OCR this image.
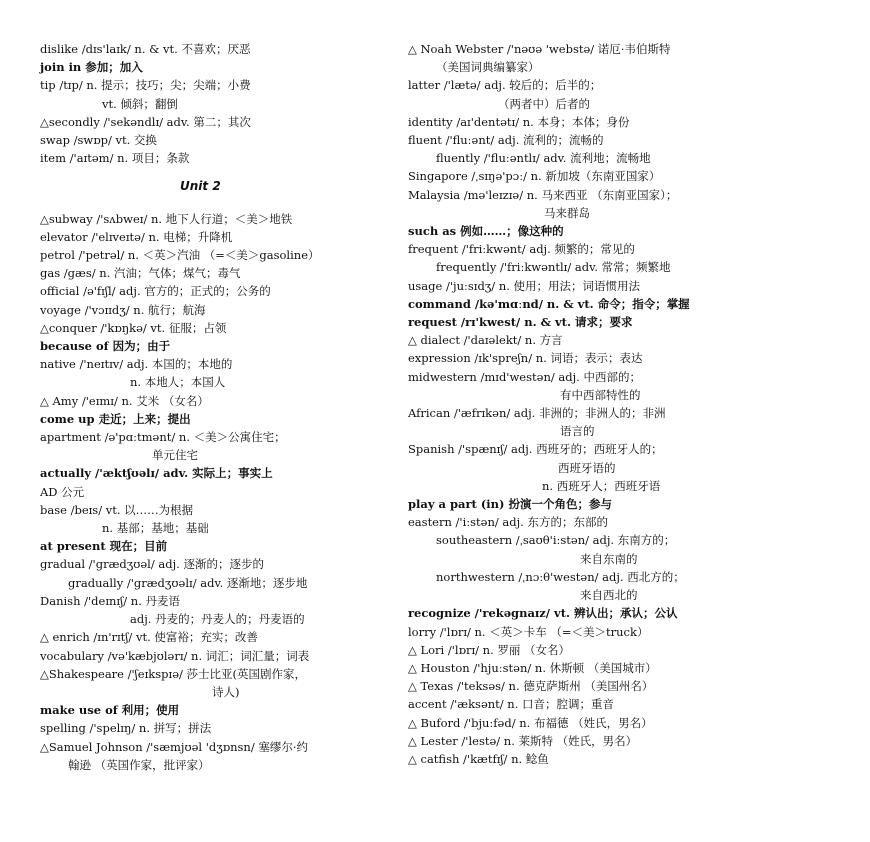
dislike /dɪs'laɪk/ n. & vt. 不喜欢；厌恶
join in 参加；加入
tip /tɪp/ n. 提示；技巧；尖；尖端；小费
vt. 倾斜；翻倒
△secondly /'sekəndlɪ/ adv. 第二；其次
swap /swɒp/ vt. 交换
item /'aɪtəm/ n. 项目；条款
Unit 2
△subway /'sʌbweɪ/ n. 地下人行道；＜美＞地铁
elevator /'elɪveɪtə/ n. 电梯；升降机
petrol /'petrəl/ n. ＜英＞汽油 （=＜美＞gasoline）
gas /gæs/ n. 汽油；气体；煤气；毒气
official /ə'fɪʃl/ adj. 官方的；正式的；公务的
voyage /'vɔɪɪdʒ/ n. 航行；航海
△conquer /'kɒŋkə/ vt. 征服；占领
because of 因为；由于
native /'neɪtɪv/ adj. 本国的；本地的
n. 本地人；本国人
△ Amy /'eɪmɪ/ n. 艾米 （女名）
come up 走近；上来；提出
apartment /ə'pɑːtmənt/ n. ＜美＞公寓住宅；
单元住宅
actually /'æktʃʊəlɪ/ adv. 实际上；事实上
AD 公元
base /beɪs/ vt. 以……为根据
n. 基部；基地；基础
at present 现在；目前
gradual /'grædʒʊəl/ adj. 逐渐的；逐步的
gradually /'grædʒʊəlɪ/ adv. 逐渐地；逐步地
Danish /'deɪnɪʃ/ n. 丹麦语
adj. 丹麦的；丹麦人的；丹麦语的
△ enrich /ɪn'rɪtʃ/ vt. 使富裕；充实；改善
vocabulary /və'kæbjʊlərɪ/ n. 词汇；词汇量；词表
△Shakespeare /'ʃeɪkspɪə/ 莎士比亚(英国剧作家，
诗人)
make use of 利用；使用
spelling /'spelɪŋ/ n. 拼写；拼法
△Samuel Johnson /'sæmjʊəl 'dʒɒnsn/ 塞缪尔·约
翰逊 （英国作家，批评家）
△ Noah Webster /'nəʊə 'webstə/ 诺厄·韦伯斯特
（美国词典编纂家）
latter /'lætə/ adj. 较后的；后半的；
（两者中）后者的
identity /aɪ'dentətɪ/ n. 本身；本体；身份
fluent /'fluːənt/ adj. 流利的；流畅的
fluently /'fluːəntlɪ/ adv. 流利地；流畅地
Singapore /ˌsɪŋə'pɔː/ n. 新加坡（东南亚国家）
Malaysia /mə'leɪzɪə/ n. 马来西亚 （东南亚国家）；
马来群岛
such as 例如……；像这种的
frequent /'friːkwənt/ adj. 频繁的；常见的
frequently /'friːkwəntlɪ/ adv. 常常；频繁地
usage /'juːsɪdʒ/ n. 使用；用法；词语惯用法
command /kə'mɑːnd/ n. & vt. 命令；指令；掌握
request /rɪ'kwest/ n. & vt. 请求；要求
△ dialect /'daɪəlekt/ n. 方言
expression /ɪk'spreʃn/ n. 词语；表示；表达
midwestern /mɪd'westən/ adj. 中西部的；
有中西部特性的
African /'æfrɪkən/ adj. 非洲的；非洲人的；非洲
语言的
Spanish /'spænɪʃ/ adj. 西班牙的；西班牙人的；
西班牙语的
n. 西班牙人；西班牙语
play a part (in) 扮演一个角色；参与
eastern /'iːstən/ adj. 东方的；东部的
southeastern /ˌsaʊθ'iːstən/ adj. 东南方的；
来自东南的
northwestern /ˌnɔːθ'westən/ adj. 西北方的；
来自西北的
recognize /'rekəgnaɪz/ vt. 辨认出；承认；公认
lorry /'lɒrɪ/ n. ＜英＞卡车 （=＜美＞truck）
△ Lori /'lɒrɪ/ n. 罗丽 （女名）
△ Houston /'hjuːstən/ n. 休斯顿 （美国城市）
△ Texas /'teksəs/ n. 德克萨斯州 （美国州名）
accent /'æksənt/ n. 口音；腔调；重音
△ Buford /'bjuːfəd/ n. 布福德 （姓氏，男名）
△ Lester /'lestə/ n. 莱斯特 （姓氏，男名）
△ catfish /'kætfɪʃ/ n. 鲶鱼
